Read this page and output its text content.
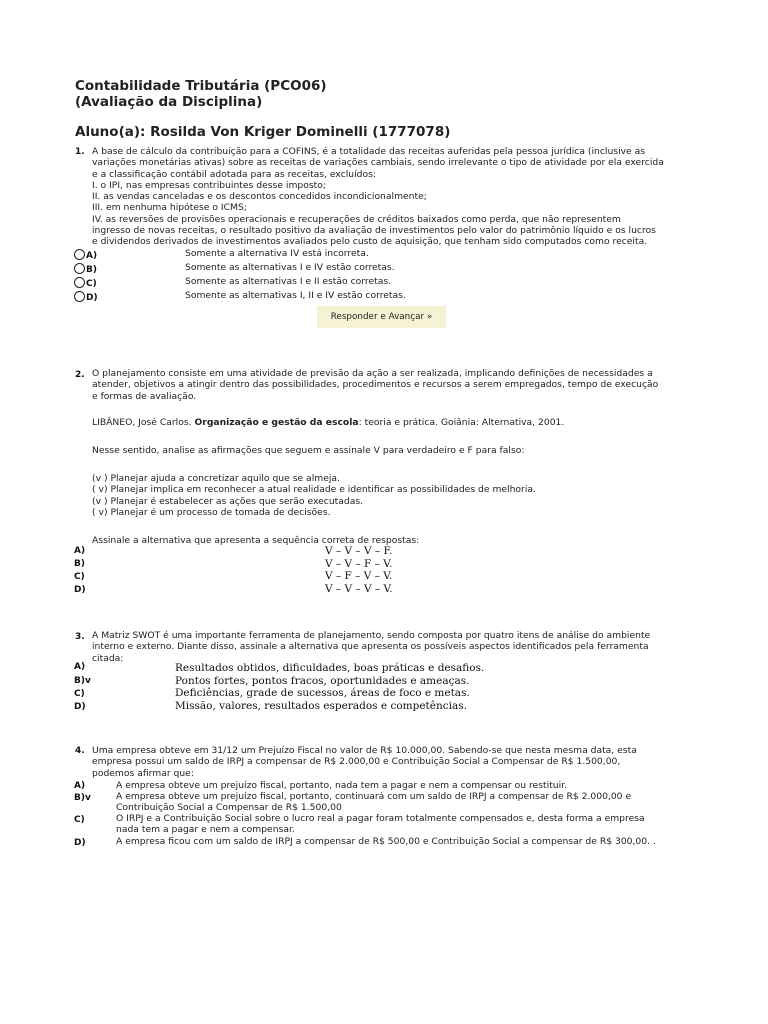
Contabilidade Tributária (PCO06)
(Avaliação da Disciplina)
Aluno(a): Rosilda Von Kriger Dominelli (1777078)
1. A base de cálculo da contribuição para a COFINS, é a totalidade das receitas auferidas pela pessoa jurídica (inclusive as
variações monetárias ativas) sobre as receitas de variações cambiais, sendo irrelevante o tipo de atividade por ela exercida
e a classificação contábil adotada para as receitas, excluídos:
I. o IPI, nas empresas contribuintes desse imposto;
II. as vendas canceladas e os descontos concedidos incondicionalmente;
III. em nenhuma hipótese o ICMS;
IV. as reversões de provisões operacionais e recuperações de créditos baixados como perda, que não representem
ingresso de novas receitas, o resultado positivo da avaliação de investimentos pelo valor do patrimônio líquido e os lucros
e dividendos derivados de investimentos avaliados pelo custo de aquisição, que tenham sido computados como receita.
A)	Somente a alternativa IV está incorreta.
B)	Somente as alternativas I e IV estão corretas.
C)	Somente as alternativas I e II estão corretas.
D)	Somente as alternativas I, II e IV estão corretas.
Responder e Avançar »
2. O planejamento consiste em uma atividade de previsão da ação a ser realizada, implicando definições de necessidades a
atender, objetivos a atingir dentro das possibilidades, procedimentos e recursos a serem empregados, tempo de execução
e formas de avaliação.
LIBÂNEO, José Carlos. Organização e gestão da escola: teoria e prática. Goiânia: Alternativa, 2001.
Nesse sentido, analise as afirmações que seguem e assinale V para verdadeiro e F para falso:
(v ) Planejar ajuda a concretizar aquilo que se almeja.
( v) Planejar implica em reconhecer a atual realidade e identificar as possibilidades de melhoria.
(v ) Planejar é estabelecer as ações que serão executadas.
( v) Planejar é um processo de tomada de decisões.
Assinale a alternativa que apresenta a sequência correta de respostas:
A)	V – V – V – F.
B)	V – V – F – V.
C)	V – F – V – V.
D)	V – V – V – V.
3. A Matriz SWOT é uma importante ferramenta de planejamento, sendo composta por quatro itens de análise do ambiente
interno e externo. Diante disso, assinale a alternativa que apresenta os possíveis aspectos identificados pela ferramenta
citada:
A)	Resultados obtidos, dificuldades, boas práticas e desafios.
B)v	Pontos fortes, pontos fracos, oportunidades e ameaças.
C)	Deficiências, grade de sucessos, áreas de foco e metas.
D)	Missão, valores, resultados esperados e competências.
4. Uma empresa obteve em 31/12 um Prejuízo Fiscal no valor de R$ 10.000,00. Sabendo-se que nesta mesma data, esta
empresa possui um saldo de IRPJ a compensar de R$ 2.000,00 e Contribuição Social a Compensar de R$ 1.500,00,
podemos afirmar que:
A)	A empresa obteve um prejuízo fiscal, portanto, nada tem a pagar e nem a compensar ou restituir.
B)v	A empresa obteve um prejuízo fiscal, portanto, continuará com um saldo de IRPJ a compensar de R$ 2.000,00 e
Contribuição Social a Compensar de R$ 1.500,00
C)	O IRPJ e a Contribuição Social sobre o lucro real a pagar foram totalmente compensados e, desta forma a empresa
nada tem a pagar e nem a compensar.
D)	A empresa ficou com um saldo de IRPJ a compensar de R$ 500,00 e Contribuição Social a compensar de R$ 300,00. .
